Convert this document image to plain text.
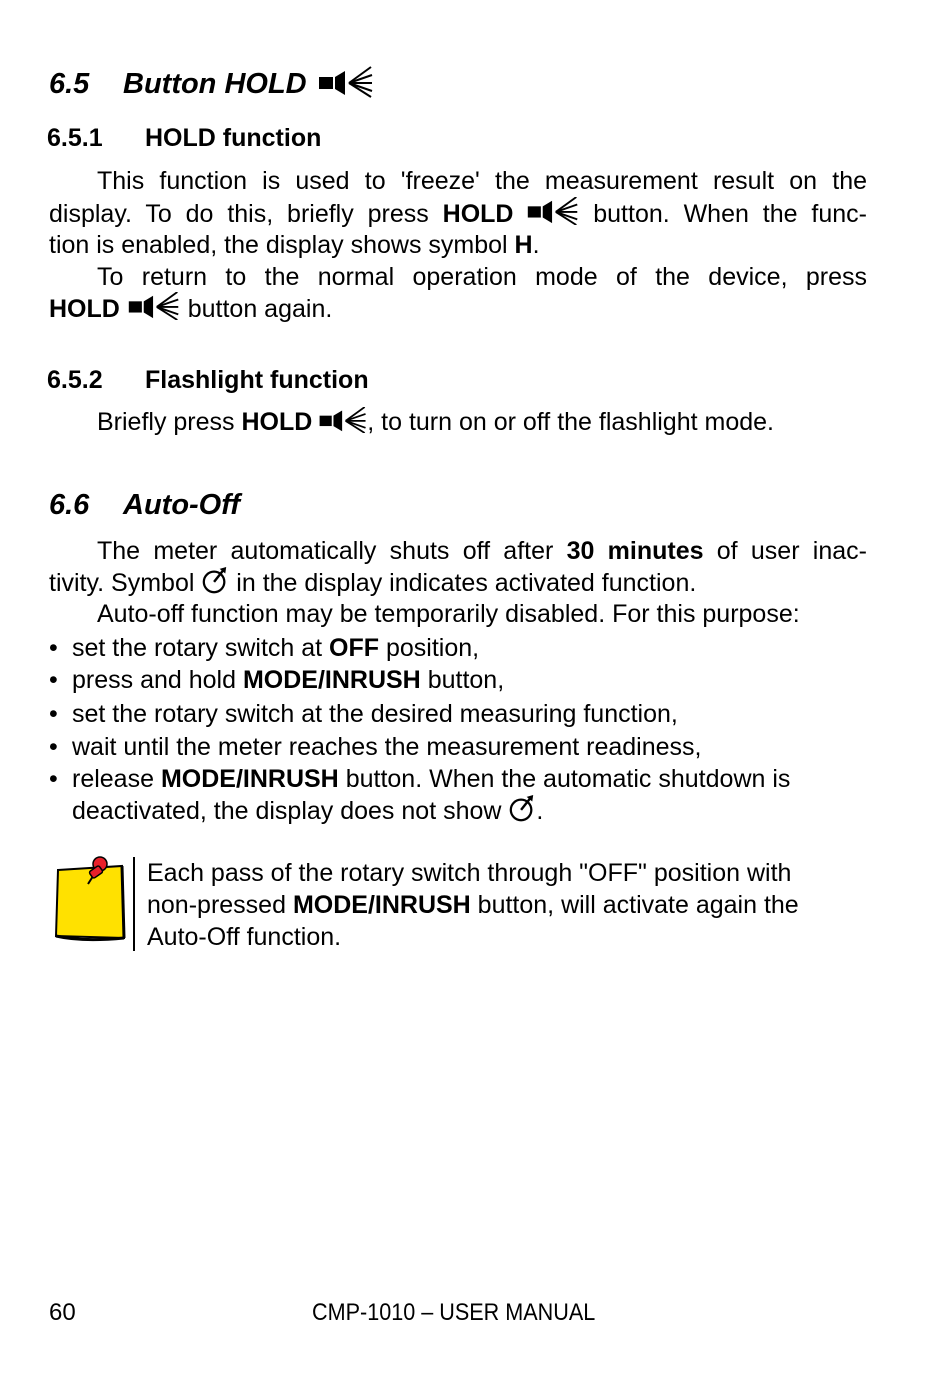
6.5 Button HOLD
6.5.1 HOLD function
This function is used to 'freeze' the measurement result on the
display. To do this, briefly press HOLD	button. When the func-
tion is enabled, the display shows symbol H.
To return to the normal operation mode of the device, press
HOLD  button again.
6.5.2 Flashlight function
Briefly press HOLD , to turn on or off the flashlight mode.
6.6 Auto-Off
The meter automatically shuts off after 30 minutes of user inac-
tivity. Symbol  in the display indicates activated function.
Auto-off function may be temporarily disabled. For this purpose:
• set the rotary switch at OFF position,
• press and hold MODE/INRUSH button,
• set the rotary switch at the desired measuring function,
• wait until the meter reaches the measurement readiness,
• release MODE/INRUSH button. When the automatic shutdown is
deactivated, the display does not show .
Each pass of the rotary switch through "OFF" position with
non-pressed MODE/INRUSH button, will activate again the
Auto-Off function.
60	CMP-1010 – USER MANUAL
